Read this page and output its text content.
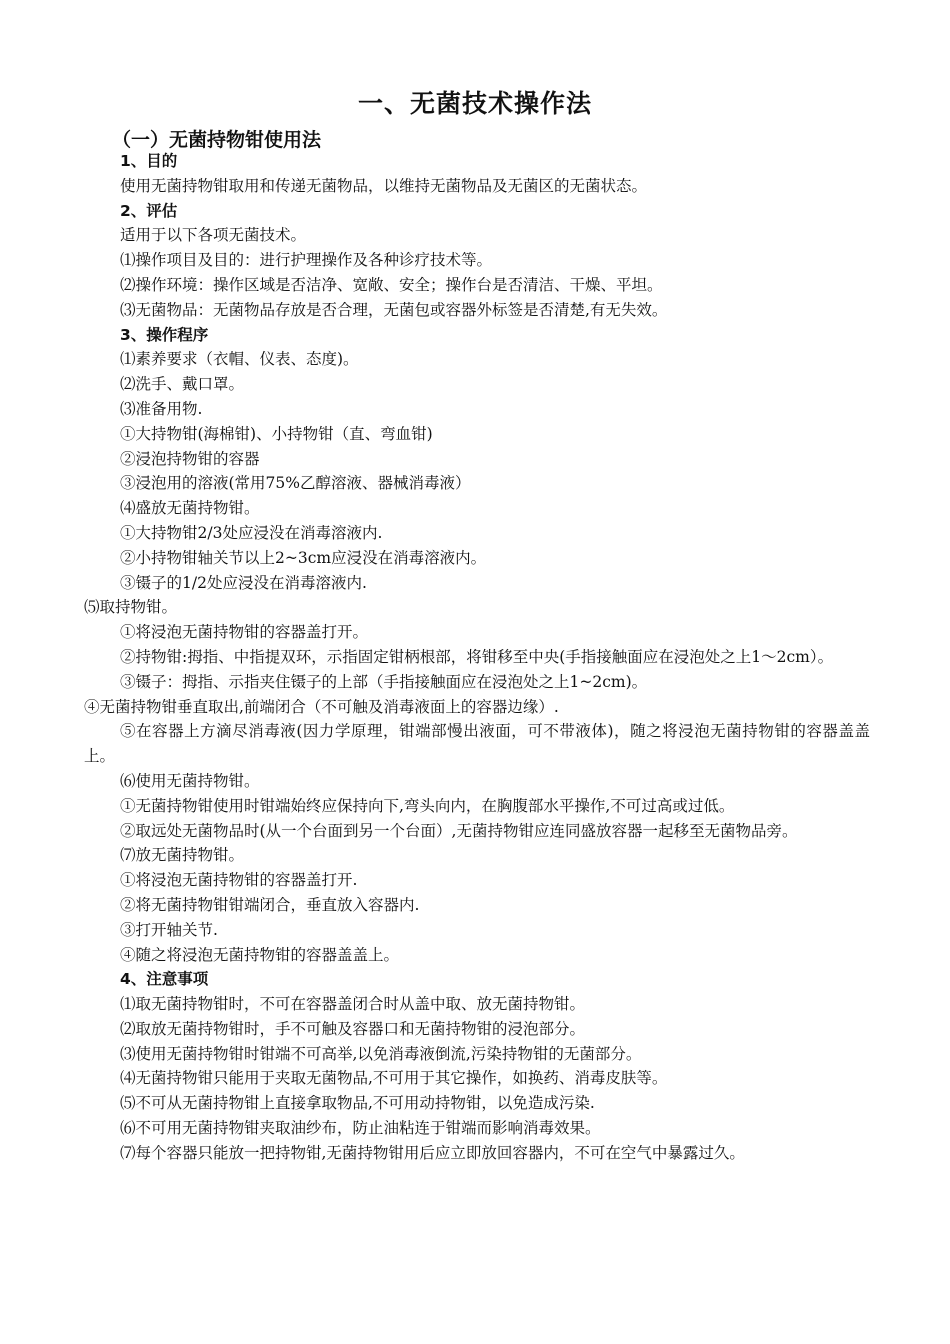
一、无菌技术操作法
（一）无菌持物钳使用法

1、目的

使用无菌持物钳取用和传递无菌物品，以维持无菌物品及无菌区的无菌状态。

2、评估

适用于以下各项无菌技术。

⑴操作项目及目的：进行护理操作及各种诊疗技术等。

⑵操作环境：操作区域是否洁净、宽敞、安全；操作台是否清洁、干燥、平坦。

⑶无菌物品：无菌物品存放是否合理，无菌包或容器外标签是否清楚,有无失效。

3、操作程序

⑴素养要求（衣帽、仪表、态度)。

⑵洗手、戴口罩。

⑶准备用物.

①大持物钳(海棉钳)、小持物钳（直、弯血钳)

②浸泡持物钳的容器

③浸泡用的溶液(常用75%乙醇溶液、器械消毒液）

⑷盛放无菌持物钳。

①大持物钳2/3处应浸没在消毒溶液内.

②小持物钳轴关节以上2~3cm应浸没在消毒溶液内。

③镊子的1/2处应浸没在消毒溶液内.

⑸取持物钳。

①将浸泡无菌持物钳的容器盖打开。

②持物钳:拇指、中指提双环，示指固定钳柄根部，将钳移至中央(手指接触面应在浸泡处之上1～2cm）。

③镊子：拇指、示指夹住镊子的上部（手指接触面应在浸泡处之上1~2cm)。

④无菌持物钳垂直取出,前端闭合（不可触及消毒液面上的容器边缘）.

⑤在容器上方滴尽消毒液(因力学原理，钳端部慢出液面，可不带液体)，随之将浸泡无菌持物钳的容器盖盖上。

⑹使用无菌持物钳。

①无菌持物钳使用时钳端始终应保持向下,弯头向内，在胸腹部水平操作,不可过高或过低。

②取远处无菌物品时(从一个台面到另一个台面）,无菌持物钳应连同盛放容器一起移至无菌物品旁。

⑺放无菌持物钳。

①将浸泡无菌持物钳的容器盖打开.

②将无菌持物钳钳端闭合，垂直放入容器内.

③打开轴关节.

④随之将浸泡无菌持物钳的容器盖盖上。

4、注意事项

⑴取无菌持物钳时，不可在容器盖闭合时从盖中取、放无菌持物钳。

⑵取放无菌持物钳时，手不可触及容器口和无菌持物钳的浸泡部分。

⑶使用无菌持物钳时钳端不可高举,以免消毒液倒流,污染持物钳的无菌部分。

⑷无菌持物钳只能用于夹取无菌物品,不可用于其它操作，如换药、消毒皮肤等。

⑸不可从无菌持物钳上直接拿取物品,不可用动持物钳，以免造成污染.

⑹不可用无菌持物钳夹取油纱布，防止油粘连于钳端而影响消毒效果。

⑺每个容器只能放一把持物钳,无菌持物钳用后应立即放回容器内，不可在空气中暴露过久。
